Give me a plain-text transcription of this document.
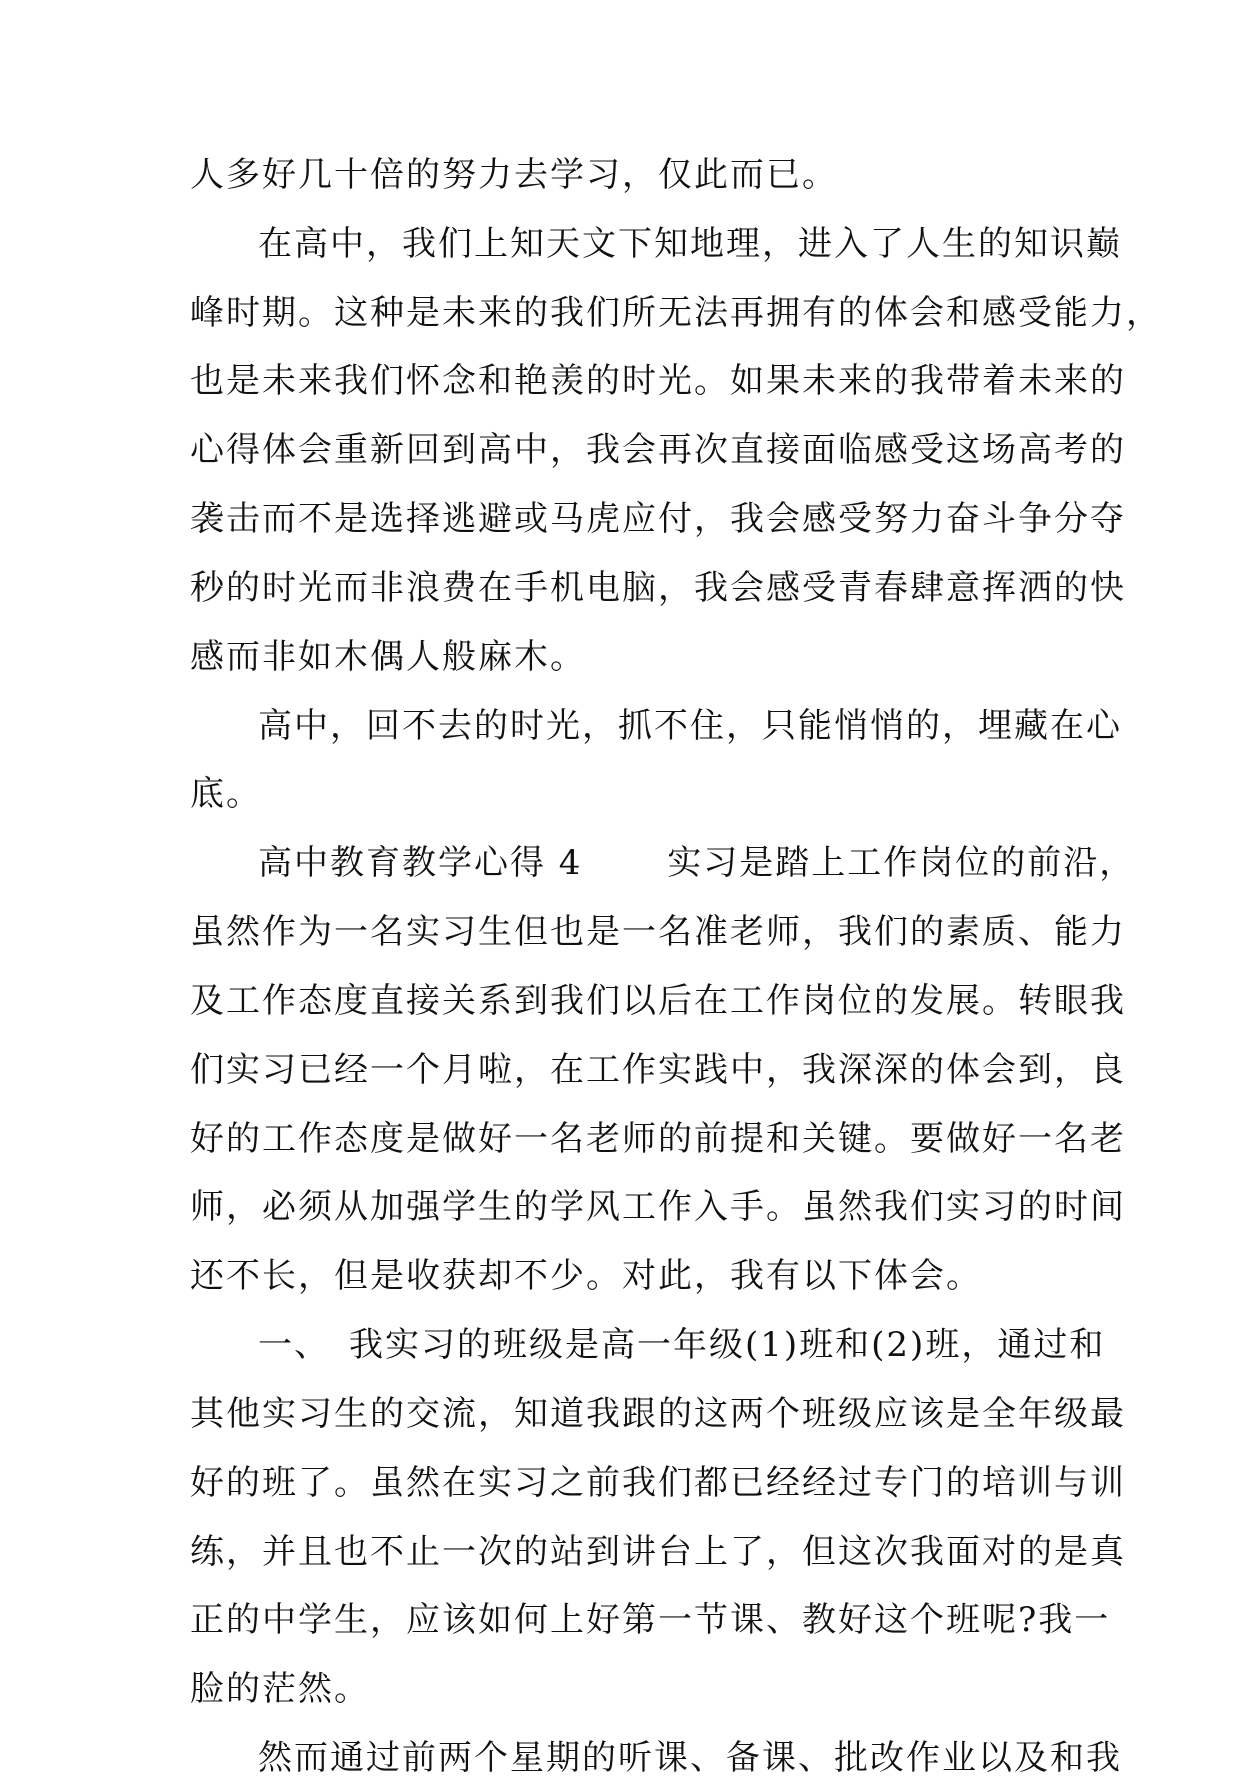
人多好几十倍的努力去学习，仅此而已。
在高中，我们上知天文下知地理，进入了人生的知识巅
峰时期。这种是未来的我们所无法再拥有的体会和感受能力，
也是未来我们怀念和艳羡的时光。如果未来的我带着未来的
心得体会重新回到高中，我会再次直接面临感受这场高考的
袭击而不是选择逃避或马虎应付，我会感受努力奋斗争分夺
秒的时光而非浪费在手机电脑，我会感受青春肆意挥洒的快
感而非如木偶人般麻木。
高中，回不去的时光，抓不住，只能悄悄的，埋藏在心
底。
高中教育教学心得 4　　 实习是踏上工作岗位的前沿，
虽然作为一名实习生但也是一名准老师，我们的素质、能力
及工作态度直接关系到我们以后在工作岗位的发展。转眼我
们实习已经一个月啦，在工作实践中，我深深的体会到，良
好的工作态度是做好一名老师的前提和关键。要做好一名老
师，必须从加强学生的学风工作入手。虽然我们实习的时间
还不长，但是收获却不少。对此，我有以下体会。
一、　我实习的班级是高一年级(1)班和(2)班，通过和
其他实习生的交流，知道我跟的这两个班级应该是全年级最
好的班了。虽然在实习之前我们都已经经过专门的培训与训
练，并且也不止一次的站到讲台上了，但这次我面对的是真
正的中学生，应该如何上好第一节课、教好这个班呢?我一
脸的茫然。
然而通过前两个星期的听课、备课、批改作业以及和我
